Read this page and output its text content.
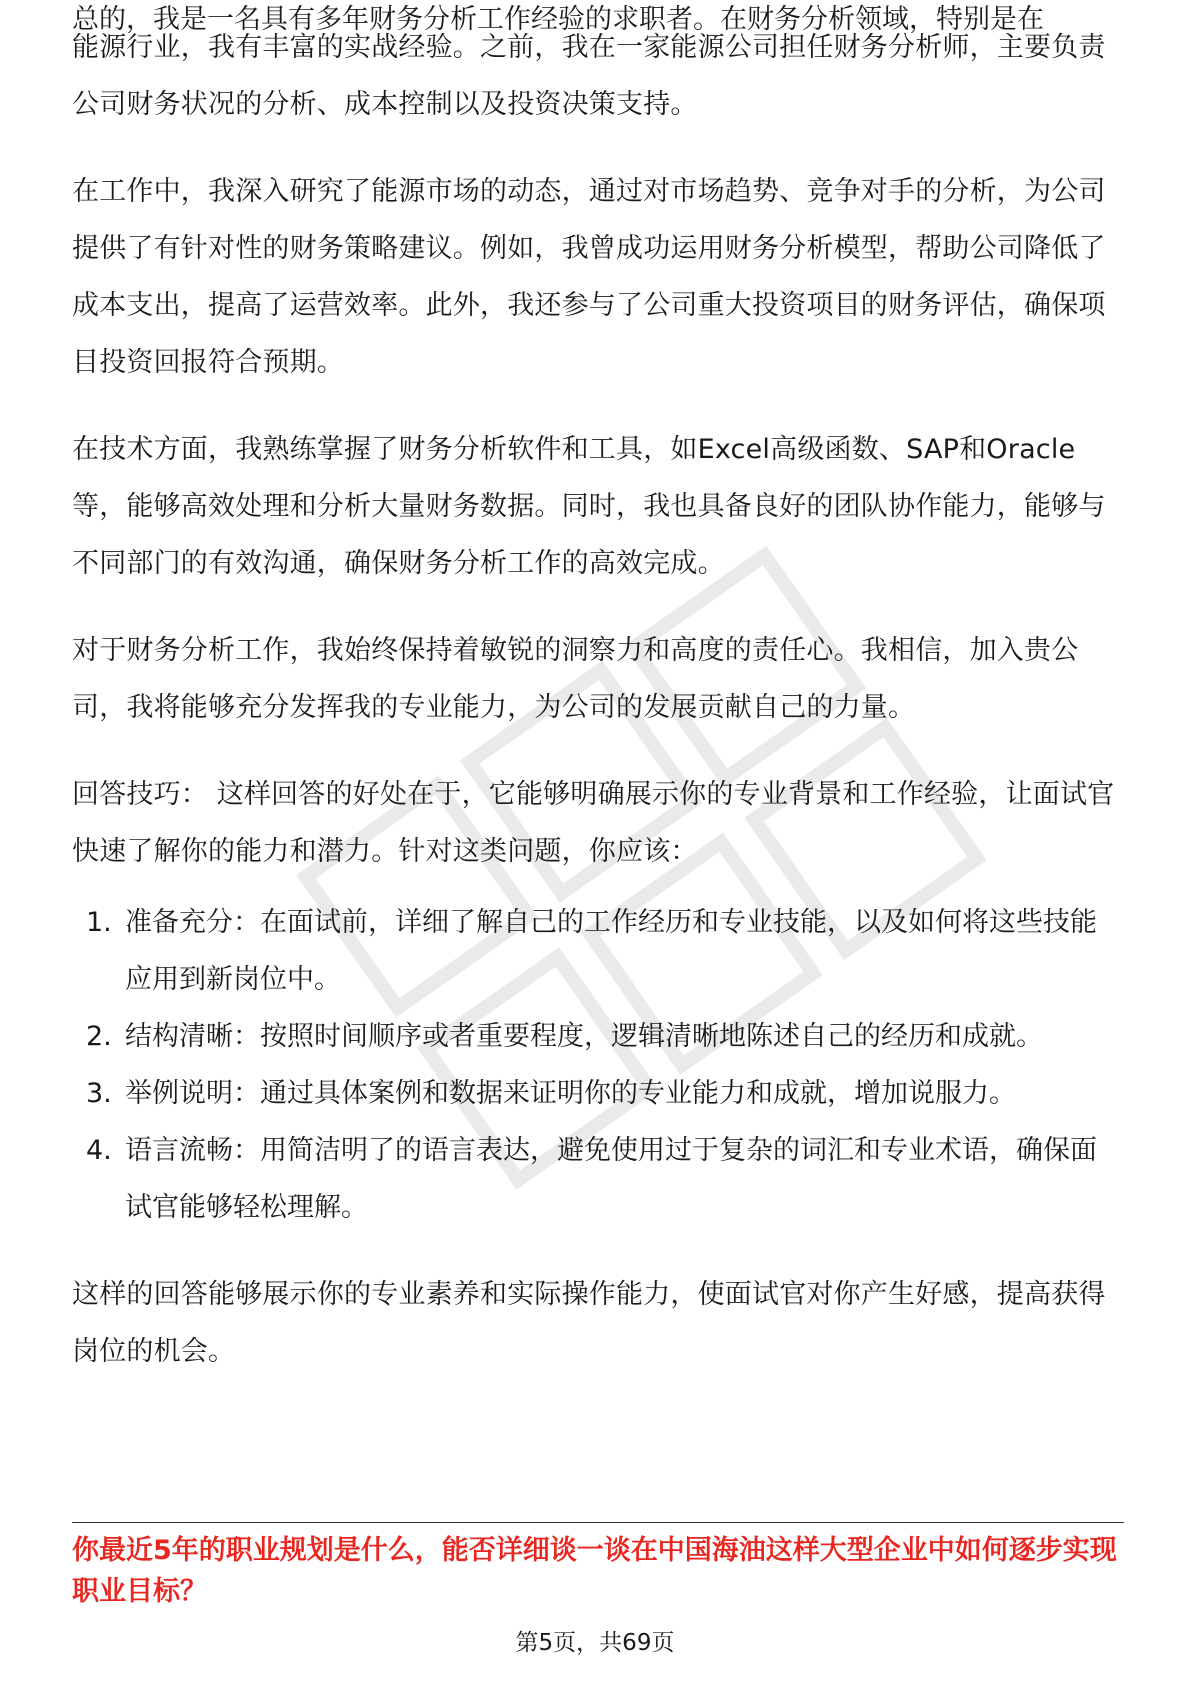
总的，我是一名具有多年财务分析工作经验的求职者。在财务分析领域，特别是在

能源行业，我有丰富的实战经验。之前，我在一家能源公司担任财务分析师，主要负责公司财务状况的分析、成本控制以及投资决策支持。

在工作中，我深入研究了能源市场的动态，通过对市场趋势、竞争对手的分析，为公司提供了有针对性的财务策略建议。例如，我曾成功运用财务分析模型，帮助公司降低了成本支出，提高了运营效率。此外，我还参与了公司重大投资项目的财务评估，确保项目投资回报符合预期。

在技术方面，我熟练掌握了财务分析软件和工具，如Excel高级函数、SAP和Oracle等，能够高效处理和分析大量财务数据。同时，我也具备良好的团队协作能力，能够与不同部门的有效沟通，确保财务分析工作的高效完成。

对于财务分析工作，我始终保持着敏锐的洞察力和高度的责任心。我相信，加入贵公司，我将能够充分发挥我的专业能力，为公司的发展贡献自己的力量。

回答技巧： 这样回答的好处在于，它能够明确展示你的专业背景和工作经验，让面试官快速了解你的能力和潜力。针对这类问题，你应该：

1. 准备充分：在面试前，详细了解自己的工作经历和专业技能，以及如何将这些技能应用到新岗位中。
2. 结构清晰：按照时间顺序或者重要程度，逻辑清晰地陈述自己的经历和成就。
3. 举例说明：通过具体案例和数据来证明你的专业能力和成就，增加说服力。
4. 语言流畅：用简洁明了的语言表达，避免使用过于复杂的词汇和专业术语，确保面试官能够轻松理解。

这样的回答能够展示你的专业素养和实际操作能力，使面试官对你产生好感，提高获得岗位的机会。

你最近5年的职业规划是什么，能否详细谈一谈在中国海油这样大型企业中如何逐步实现职业目标？
第5页，共69页
